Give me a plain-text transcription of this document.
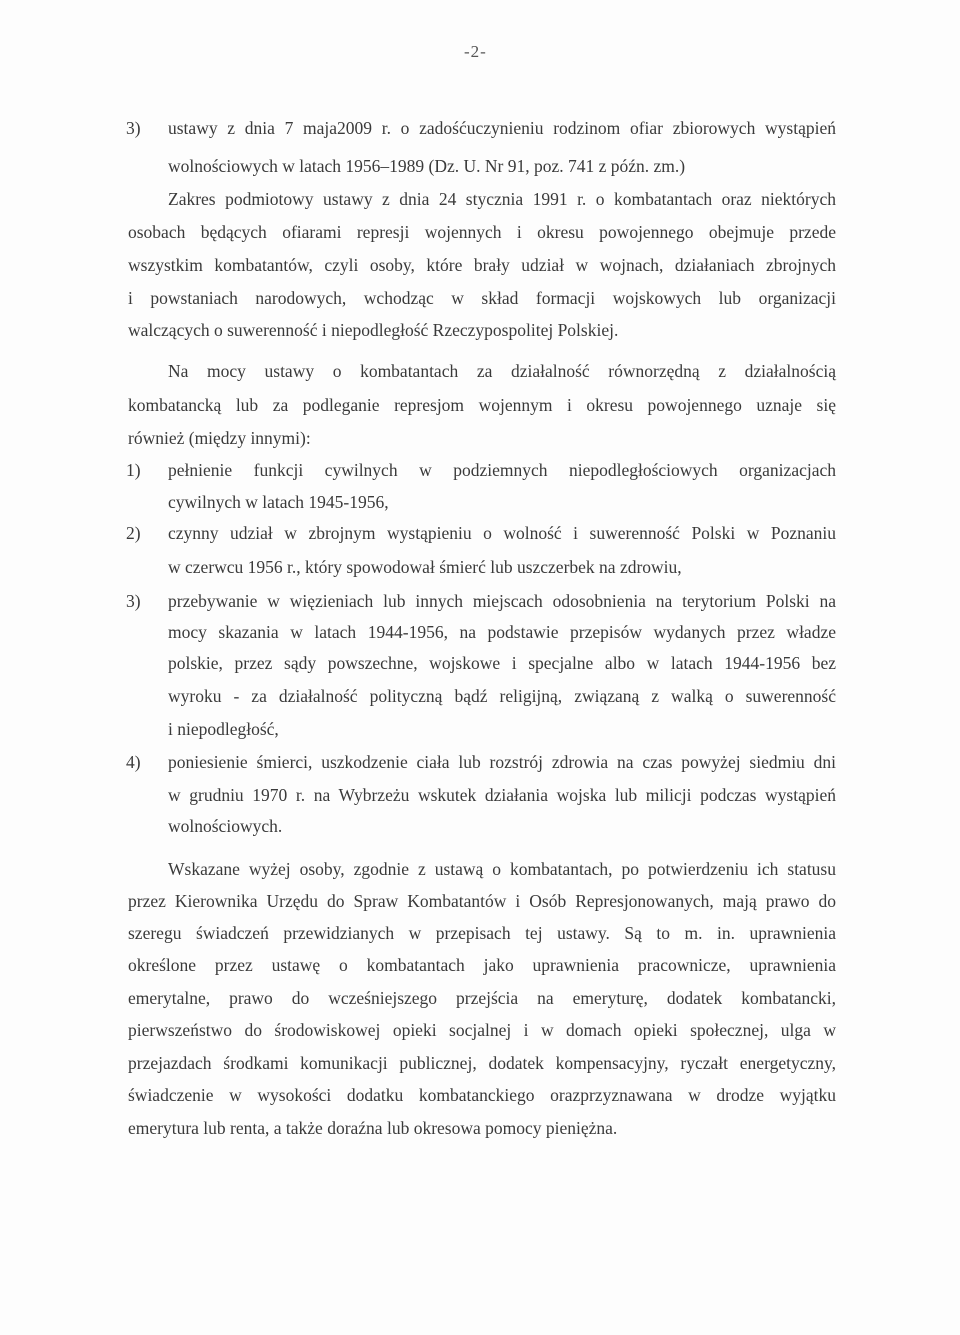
-2-
3) ustawy z dnia 7 maja2009 r. o zadośćuczynieniu rodzinom ofiar zbiorowych wystąpień
wolnościowych w latach 1956–1989 (Dz. U. Nr 91, poz. 741 z późn. zm.)
Zakres podmiotowy ustawy z dnia 24 stycznia 1991 r. o kombatantach oraz niektórych
osobach będących ofiarami represji wojennych i okresu powojennego obejmuje przede
wszystkim kombatantów, czyli osoby, które brały udział w wojnach, działaniach zbrojnych
i powstaniach narodowych, wchodząc w skład formacji wojskowych lub organizacji
walczących o suwerenność i niepodległość Rzeczypospolitej Polskiej.
Na mocy ustawy o kombatantach za działalność równorzędną z działalnością
kombatancką lub za podleganie represjom wojennym i okresu powojennego uznaje się
również (między innymi):
1) pełnienie funkcji cywilnych w podziemnych niepodległościowych organizacjach
cywilnych w latach 1945-1956,
2) czynny udział w zbrojnym wystąpieniu o wolność i suwerenność Polski w Poznaniu
w czerwcu 1956 r., który spowodował śmierć lub uszczerbek na zdrowiu,
3) przebywanie w więzieniach lub innych miejscach odosobnienia na terytorium Polski na
mocy skazania w latach 1944-1956, na podstawie przepisów wydanych przez władze
polskie, przez sądy powszechne, wojskowe i specjalne albo w latach 1944-1956 bez
wyroku - za działalność polityczną bądź religijną, związaną z walką o suwerenność
i niepodległość,
4) poniesienie śmierci, uszkodzenie ciała lub rozstrój zdrowia na czas powyżej siedmiu dni
w grudniu 1970 r. na Wybrzeżu wskutek działania wojska lub milicji podczas wystąpień
wolnościowych.
Wskazane wyżej osoby, zgodnie z ustawą o kombatantach, po potwierdzeniu ich statusu
przez Kierownika Urzędu do Spraw Kombatantów i Osób Represjonowanych, mają prawo do
szeregu świadczeń przewidzianych w przepisach tej ustawy. Są to m. in. uprawnienia
określone przez ustawę o kombatantach jako uprawnienia pracownicze, uprawnienia
emerytalne, prawo do wcześniejszego przejścia na emeryturę, dodatek kombatancki,
pierwszeństwo do środowiskowej opieki socjalnej i w domach opieki społecznej, ulga w
przejazdach środkami komunikacji publicznej, dodatek kompensacyjny, ryczałt energetyczny,
świadczenie w wysokości dodatku kombatanckiego orazprzyznawana w drodze wyjątku
emerytura lub renta, a także doraźna lub okresowa pomocy pieniężna.
